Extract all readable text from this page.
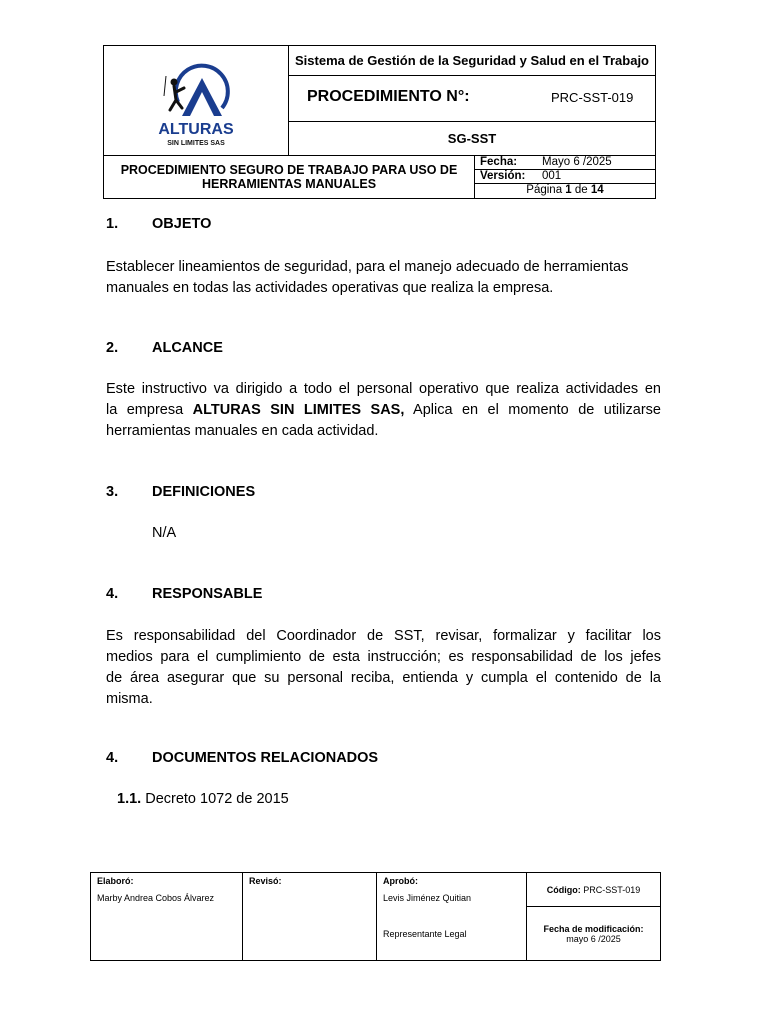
ALTURAS
SIN LIMITES SAS
Sistema de Gestión de la Seguridad y Salud en el Trabajo
PROCEDIMIENTO N°:	PRC-SST-019
SG-SST
PROCEDIMIENTO SEGURO DE TRABAJO PARA USO DE HERRAMIENTAS MANUALES
Fecha: Mayo 6 /2025
Versión: 001
Página 1 de 14
1. OBJETO
Establecer lineamientos de seguridad, para el manejo adecuado de herramientas
manuales en todas las actividades operativas que realiza la empresa.
2. ALCANCE
Este instructivo va dirigido a todo el personal operativo que realiza actividades en
la empresa ALTURAS SIN LIMITES SAS, Aplica en el momento de utilizarse
herramientas manuales en cada actividad.
3. DEFINICIONES
N/A
4. RESPONSABLE
Es responsabilidad del Coordinador de SST, revisar, formalizar y facilitar los
medios para el cumplimiento de esta instrucción; es responsabilidad de los jefes
de área asegurar que su personal reciba, entienda y cumpla el contenido de la
misma.
4. DOCUMENTOS RELACIONADOS
1.1. Decreto 1072 de 2015
Elaboró:
Marby Andrea Cobos Álvarez
Revisó:	Aprobó:
Levis Jiménez Quitian
Representante Legal
Código: PRC-SST-019
Fecha de modificación:
mayo 6 /2025
